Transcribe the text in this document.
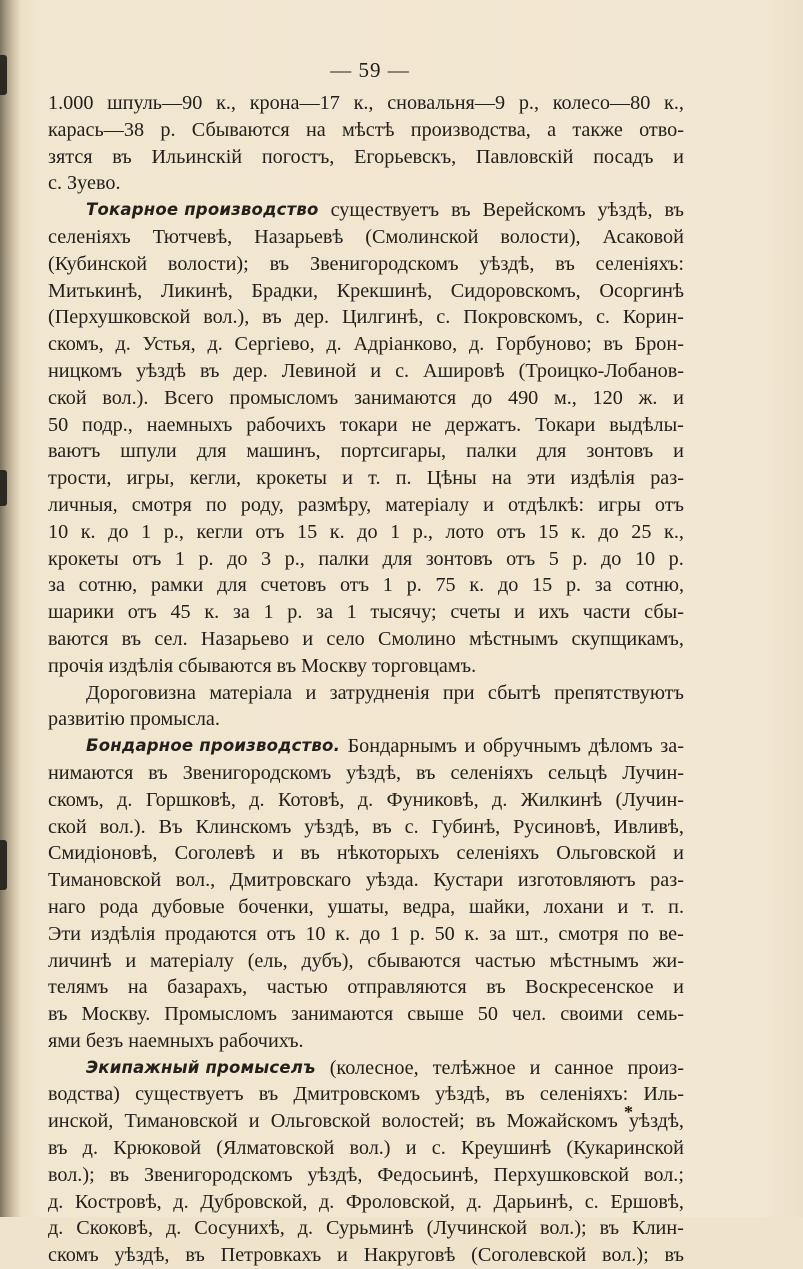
— 59 —
1.000 шпуль—90 к., крона—17 к., сновальня—9 р., колесо—80 к.,
карась—38 р. Сбываются на мѣстѣ производства, а также отво-
зятся въ Ильинскій погостъ, Егорьевскъ, Павловскій посадъ и
с. Зуево.
Токарное производство существуетъ въ Верейскомъ уѣздѣ, въ
селеніяхъ Тютчевѣ, Назарьевѣ (Смолинской волости), Асаковой
(Кубинской волости); въ Звенигородскомъ уѣздѣ, въ селеніяхъ:
Митькинѣ, Ликинѣ, Брадки, Крекшинѣ, Сидоровскомъ, Осоргинѣ
(Перхушковской вол.), въ дер. Цилгинѣ, с. Покровскомъ, с. Корин-
скомъ, д. Устья, д. Сергіево, д. Адріанково, д. Горбуново; въ Брон-
ницкомъ уѣздѣ въ дер. Левиной и с. Ашировѣ (Троицко-Лобанов-
ской вол.). Всего промысломъ занимаются до 490 м., 120 ж. и
50 подр., наемныхъ рабочихъ токари не держатъ. Токари выдѣлы-
ваютъ шпули для машинъ, портсигары, палки для зонтовъ и
трости, игры, кегли, крокеты и т. п. Цѣны на эти издѣлія раз-
личныя, смотря по роду, размѣру, матеріалу и отдѣлкѣ: игры отъ
10 к. до 1 р., кегли отъ 15 к. до 1 р., лото отъ 15 к. до 25 к.,
крокеты отъ 1 р. до 3 р., палки для зонтовъ отъ 5 р. до 10 р.
за сотню, рамки для счетовъ отъ 1 р. 75 к. до 15 р. за сотню,
шарики отъ 45 к. за 1 р. за 1 тысячу; счеты и ихъ части сбы-
ваются въ сел. Назарьево и село Смолино мѣстнымъ скупщикамъ,
прочія издѣлія сбываются въ Москву торговцамъ.
Дороговизна матеріала и затрудненія при сбытѣ препятствуютъ
развитію промысла.
Бондарное производство. Бондарнымъ и обручнымъ дѣломъ за-
нимаются въ Звенигородскомъ уѣздѣ, въ селеніяхъ сельцѣ Лучин-
скомъ, д. Горшковѣ, д. Котовѣ, д. Фуниковѣ, д. Жилкинѣ (Лучин-
ской вол.). Въ Клинскомъ уѣздѣ, въ с. Губинѣ, Русиновѣ, Ивливѣ,
Смидіоновѣ, Соголевѣ и въ нѣкоторыхъ селеніяхъ Ольговской и
Тимановской вол., Дмитровскаго уѣзда. Кустари изготовляютъ раз-
наго рода дубовые боченки, ушаты, ведра, шайки, лохани и т. п.
Эти издѣлія продаются отъ 10 к. до 1 р. 50 к. за шт., смотря по ве-
личинѣ и матеріалу (ель, дубъ), сбываются частью мѣстнымъ жи-
телямъ на базарахъ, частью отправляются въ Воскресенское и
въ Москву. Промысломъ занимаются свыше 50 чел. своими семь-
ями безъ наемныхъ рабочихъ.
Экипажный промыселъ (колесное, телѣжное и санное произ-
водства) существуетъ въ Дмитровскомъ уѣздѣ, въ селеніяхъ: Иль-
инской, Тимановской и Ольговской волостей; въ Можайскомъ уѣздѣ,
въ д. Крюковой (Ялматовской вол.) и с. Креушинѣ (Кукаринской
вол.); въ Звенигородскомъ уѣздѣ, Федосьинѣ, Перхушковской вол.;
д. Костровѣ, д. Дубровской, д. Фроловской, д. Дарьинѣ, с. Ершовѣ,
д. Скоковѣ, д. Сосунихѣ, д. Сурьминѣ (Лучинской вол.); въ Клин-
скомъ уѣздѣ, въ Петровкахъ и Накруговѣ (Соголевской вол.); въ
*
